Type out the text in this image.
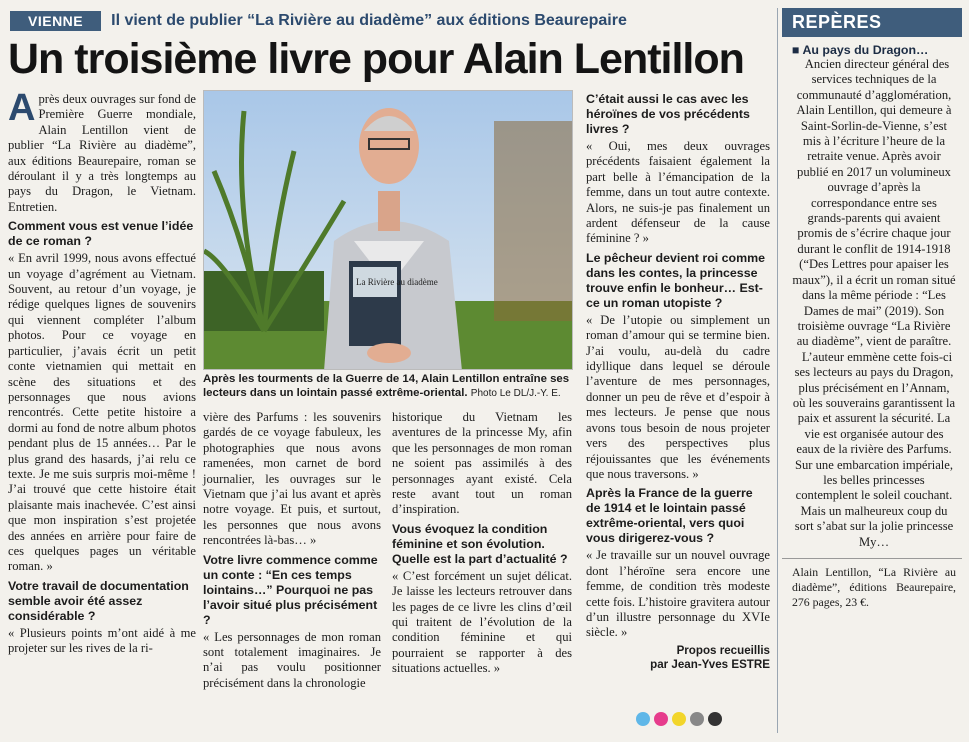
VIENNE	Il vient de publier “La Rivière au diadème” aux éditions Beaurepaire
Un troisième livre pour Alain Lentillon

Après deux ouvrages sur fond de Première Guerre mondiale, Alain Lentillon vient de publier “La Rivière au diadème”, aux éditions Beaurepaire, roman se déroulant il y a très longtemps au pays du Dragon, le Vietnam. Entretien.

Comment vous est venue l’idée de ce roman ?

« En avril 1999, nous avons effectué un voyage d’agrément au Vietnam. Souvent, au retour d’un voyage, je rédige quelques lignes de souvenirs qui viennent compléter l’album photos. Pour ce voyage en particulier, j’avais écrit un petit conte vietnamien qui mettait en scène des situations et des personnages que nous avions rencontrés. Cette petite histoire a dormi au fond de notre album photos pendant plus de 15 années… Par le plus grand des hasards, j’ai relu ce texte. Je me suis surpris moi-même ! J’ai trouvé que cette histoire était plaisante mais inachevée. C’est ainsi que mon inspiration s’est projetée des années en arrière pour faire de ces quelques pages un véritable roman. »

Votre travail de documentation semble avoir été assez considérable ?

« Plusieurs points m’ont aidé à me projeter sur les rives de la ri-

La Rivière au diadème
Après les tourments de la Guerre de 14, Alain Lentillon entraîne ses lecteurs dans un lointain passé extrême-oriental. Photo Le DL/J.-Y. E.

vière des Parfums : les souvenirs gardés de ce voyage fabuleux, les photographies que nous avons ramenées, mon carnet de bord journalier, les ouvrages sur le Vietnam que j’ai lus avant et après notre voyage. Et puis, et surtout, les personnes que nous avons rencontrées là-bas… »

Votre livre commence comme un conte : “En ces temps lointains…” Pourquoi ne pas l’avoir situé plus précisément ?

« Les personnages de mon roman sont totalement imaginaires. Je n’ai pas voulu positionner précisément dans la chronologie

historique du Vietnam les aventures de la princesse My, afin que les personnages de mon roman ne soient pas assimilés à des personnages ayant existé. Cela reste avant tout un roman d’inspiration.

Vous évoquez la condition féminine et son évolution. Quelle est la part d’actualité ?

« C’est forcément un sujet délicat. Je laisse les lecteurs retrouver dans les pages de ce livre les clins d’œil qui traitent de l’évolution de la condition féminine et qui pourraient se rapporter à des situations actuelles. »

C’était aussi le cas avec les héroïnes de vos précédents livres ?

« Oui, mes deux ouvrages précédents faisaient également la part belle à l’émancipation de la femme, dans un tout autre contexte. Alors, ne suis-je pas finalement un ardent défenseur de la cause féminine ? »

Le pêcheur devient roi comme dans les contes, la princesse trouve enfin le bonheur… Est-ce un roman utopiste ?

« De l’utopie ou simplement un roman d’amour qui se termine bien. J’ai voulu, au-delà du cadre idyllique dans lequel se déroule l’aventure de mes personnages, donner un peu de rêve et d’espoir à mes lecteurs. Je pense que nous avons tous besoin de nous projeter vers des perspectives plus réjouissantes que les événements que nous traversons. »

Après la France de la guerre de 1914 et le lointain passé extrême-oriental, vers quoi vous dirigerez-vous ?

« Je travaille sur un nouvel ouvrage dont l’héroïne sera encore une femme, de condition très modeste cette fois. L’histoire gravitera autour d’un illustre personnage du XVIe siècle. »

Propos recueillis
par Jean-Yves ESTRE
REPÈRES
■ Au pays du Dragon…

Ancien directeur général des services techniques de la communauté d’agglomération, Alain Lentillon, qui demeure à Saint-Sorlin-de-Vienne, s’est mis à l’écriture l’heure de la retraite venue. Après avoir publié en 2017 un volumineux ouvrage d’après la correspondance entre ses grands-parents qui avaient promis de s’écrire chaque jour durant le conflit de 1914-1918 (“Des Lettres pour apaiser les maux”), il a écrit un roman situé dans la même période : “Les Dames de mai” (2019). Son troisième ouvrage “La Rivière au diadème”, vient de paraître.

L’auteur emmène cette fois-ci ses lecteurs au pays du Dragon, plus précisément en l’Annam, où les souverains garantissent la paix et assurent la sécurité. La vie est organisée autour des eaux de la rivière des Parfums. Sur une embarcation impériale, les belles princesses contemplent le soleil couchant. Mais un malheureux coup du sort s’abat sur la jolie princesse My…

Alain Lentillon, “La Rivière au diadème”, éditions Beaurepaire, 276 pages, 23 €.
